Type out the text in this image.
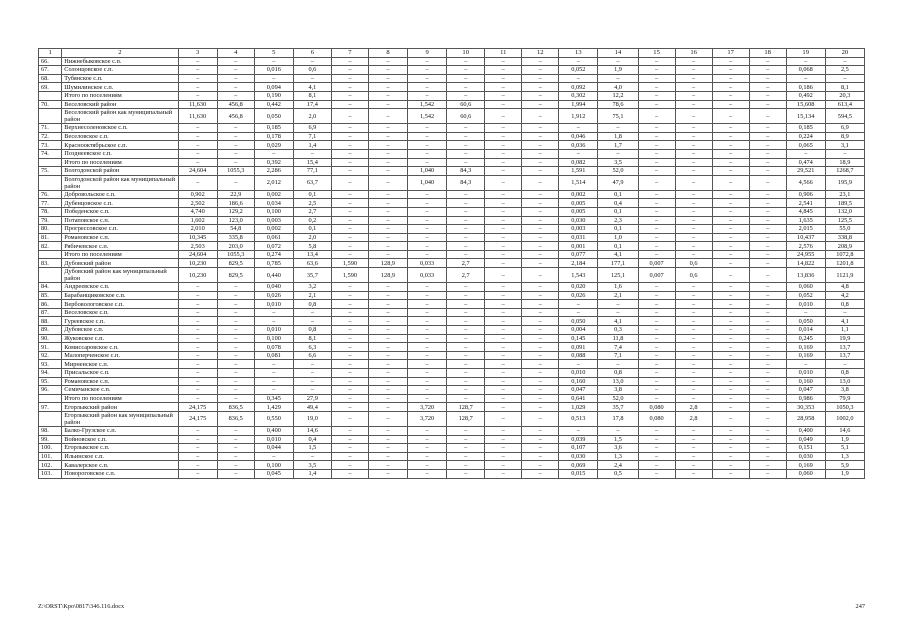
1	2	3	4	5	6	7	8	9	10	11	12	13	14	15	16	17	18	19	20
66.	Нижнебыковское с.п.	–	–	–	–	–	–	–	–	–	–	–	–	–	–	–	–	–	–
67.	Солонцовское с.п.	–	–	0,016	0,6	–	–	–	–	–	–	0,052	1,9	–	–	–	–	0,068	2,5
68.	Тубянское с.п.	–	–	–	–	–	–	–	–	–	–	–	–	–	–	–	–	–	–
69.	Шумилинское с.п.	–	–	0,094	4,1	–	–	–	–	–	–	0,092	4,0	–	–	–	–	0,186	8,1
	Итого по поселениям	–	–	0,190	8,1	–	–	–	–	–	–	0,302	12,2	–	–	–	–	0,492	20,3
70.	Веселовский район	11,630	456,8	0,442	17,4	–	–	1,542	60,6	–	–	1,994	78,6	–	–	–	–	15,608	613,4
	Веселовский район как муниципальный район	11,630	456,8	0,050	2,0	–	–	1,542	60,6	–	–	1,912	75,1	–	–	–	–	15,134	594,5
71.	Верхнесоленовское с.п.	–	–	0,185	6,9	–	–	–	–	–	–	–	–	–	–	–	–	0,185	6,9
72.	Веселовское с.п.	–	–	0,178	7,1	–	–	–	–	–	–	0,046	1,8	–	–	–	–	0,224	8,9
73.	Краснооктябрьское с.п.	–	–	0,029	1,4	–	–	–	–	–	–	0,036	1,7	–	–	–	–	0,065	3,1
74.	Позднеевское с.п.	–	–	–	–	–	–	–	–	–	–	–	–	–	–	–	–	–	–
	Итого по поселениям	–	–	0,392	15,4	–	–	–	–	–	–	0,082	3,5	–	–	–	–	0,474	18,9
75.	Волгодонской район	24,604	1055,3	2,286	77,1	–	–	1,040	84,3	–	–	1,591	52,0	–	–	–	–	29,521	1268,7
	Волгодонской район как муниципальный район	–	–	2,012	63,7	–	–	1,040	84,3	–	–	1,514	47,9	–	–	–	–	4,566	195,9
76.	Добровольское с.п.	0,902	22,9	0,002	0,1	–	–	–	–	–	–	0,002	0,1	–	–	–	–	0,906	23,1
77.	Дубенцовское с.п.	2,502	186,6	0,034	2,5	–	–	–	–	–	–	0,005	0,4	–	–	–	–	2,541	189,5
78.	Победенское с.п.	4,740	129,2	0,100	2,7	–	–	–	–	–	–	0,005	0,1	–	–	–	–	4,845	132,0
79.	Потаповское с.п.	1,602	123,0	0,003	0,2	–	–	–	–	–	–	0,030	2,3	–	–	–	–	1,635	125,5
80.	Прогрессовское с.п.	2,010	54,8	0,002	0,1	–	–	–	–	–	–	0,003	0,1	–	–	–	–	2,015	55,0
81.	Романовское с.п.	10,345	335,8	0,061	2,0	–	–	–	–	–	–	0,031	1,0	–	–	–	–	10,437	338,8
82.	Рябичевское с.п.	2,503	203,0	0,072	5,8	–	–	–	–	–	–	0,001	0,1	–	–	–	–	2,576	208,9
	Итого по поселениям	24,604	1055,3	0,274	13,4	–	–	–	–	–	–	0,077	4,1	–	–	–	–	24,955	1072,8
83.	Дубовский район	10,230	829,5	0,785	63,6	1,590	128,9	0,033	2,7	–	–	2,184	177,1	0,007	0,6	–	–	14,822	1201,8
	Дубовский район как муниципальный район	10,230	829,5	0,440	35,7	1,590	128,9	0,033	2,7	–	–	1,543	125,1	0,007	0,6	–	–	13,836	1121,9
84.	Андреевское с.п.	–	–	0,040	3,2	–	–	–	–	–	–	0,020	1,6	–	–	–	–	0,060	4,8
85.	Барабанщиковское с.п.	–	–	0,026	2,1	–	–	–	–	–	–	0,026	2,1	–	–	–	–	0,052	4,2
86.	Вербовологовское с.п.	–	–	0,010	0,8	–	–	–	–	–	–	–	–	–	–	–	–	0,010	0,8
87.	Веселовское с.п.	–	–	–	–	–	–	–	–	–	–	–	–	–	–	–	–	–	–
88.	Гуреевское с.п.	–	–	–	–	–	–	–	–	–	–	0,050	4,1	–	–	–	–	0,050	4,1
89.	Дубовское с.п.	–	–	0,010	0,8	–	–	–	–	–	–	0,004	0,3	–	–	–	–	0,014	1,1
90.	Жуковское с.п.	–	–	0,100	8,1	–	–	–	–	–	–	0,145	11,8	–	–	–	–	0,245	19,9
91.	Комиссаровское с.п.	–	–	0,078	6,3	–	–	–	–	–	–	0,091	7,4	–	–	–	–	0,169	13,7
92.	Малоперченское с.п.	–	–	0,081	6,6	–	–	–	–	–	–	0,088	7,1	–	–	–	–	0,169	13,7
93.	Мирненское с.п.	–	–	–	–	–	–	–	–	–	–	–	–	–	–	–	–	–	–
94.	Присальское с.п.	–	–	–	–	–	–	–	–	–	–	0,010	0,8	–	–	–	–	0,010	0,8
95.	Романовское с.п.	–	–	–	–	–	–	–	–	–	–	0,160	13,0	–	–	–	–	0,160	13,0
96.	Семичанское с.п.	–	–	–	–	–	–	–	–	–	–	0,047	3,8	–	–	–	–	0,047	3,8
	Итого по поселениям	–	–	0,345	27,9	–	–	–	–	–	–	0,641	52,0	–	–	–	–	0,986	79,9
97.	Егорлыкский район	24,175	836,5	1,429	49,4	–	–	3,720	128,7	–	–	1,029	35,7	0,080	2,8	–	–	30,353	1050,3
	Егорлыкский район как муниципальный район	24,175	836,5	0,550	19,0	–	–	3,720	128,7	–	–	0,513	17,8	0,080	2,8	–	–	28,958	1002,0
98.	Балко-Грузское с.п.	–	–	0,400	14,6	–	–	–	–	–	–	–	–	–	–	–	–	0,400	14,6
99.	Войновское с.п.	–	–	0,010	0,4	–	–	–	–	–	–	0,039	1,5	–	–	–	–	0,049	1,9
100.	Егорлыкское с.п.	–	–	0,044	1,5	–	–	–	–	–	–	0,107	3,6	–	–	–	–	0,151	5,1
101.	Ильинское с.п.	–	–	–	–	–	–	–	–	–	–	0,030	1,3	–	–	–	–	0,030	1,3
102.	Кавалерское с.п.	–	–	0,100	3,5	–	–	–	–	–	–	0,069	2,4	–	–	–	–	0,169	5,9
103.	Новороговское с.п.	–	–	0,045	1,4	–	–	–	–	–	–	0,015	0,5	–	–	–	–	0,060	1,9
Z:\ORST\Kpo\0817\346.116.docx	247
